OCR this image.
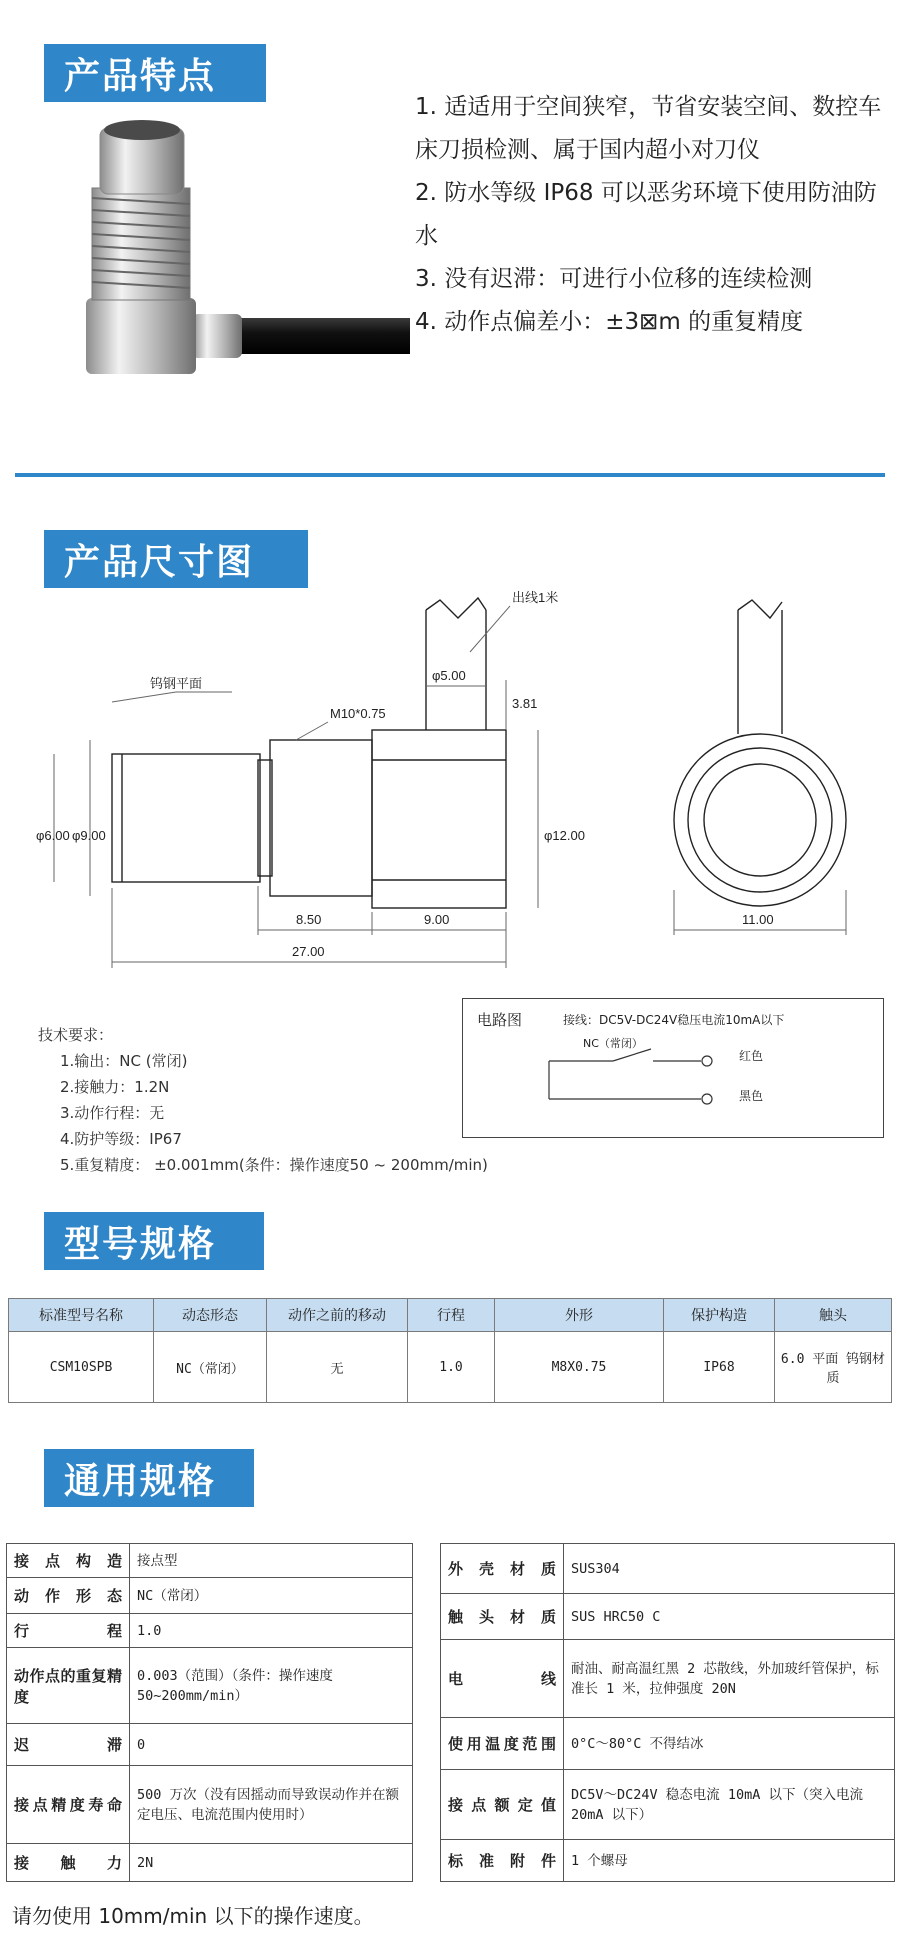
产品特点

1. 适适用于空间狭窄，节省安装空间、数控车床刀损检测、属于国内超小对刀仪

2. 防水等级 IP68 可以恶劣环境下使用防油防水

3. 没有迟滞：可进行小位移的连续检测

4. 动作点偏差小：±3⊠m 的重复精度

产品尺寸图
出线1米
φ5.00
3.81
钨钢平面
M10*0.75
φ6.00 φ9.00	φ12.00
8.50	9.00
27.00
11.00
技术要求：
1.输出：NC (常闭)
2.接触力：1.2N
3.动作行程：无
4.防护等级：IP67
5.重复精度： ±0.001mm(条件：操作速度50 ~ 200mm/min)
电路图	接线：DC5V-DC24V稳压电流10mA以下
NC（常闭）
红色
黑色
型号规格
标准型号名称	动态形态	动作之前的移动	行程	外形	保护构造	触头
CSM10SPB	NC（常闭）	无	1.0	M8X0.75	IP68	6.0 平面 钨钢材质
通用规格
接点构造	接点型
动作形态	NC（常闭）
行程	1.0
动作点的重复精度	0.003（范围）（条件：操作速度 50~200mm/min）
迟滞	0
接点精度寿命	500 万次（没有因摇动而导致误动作并在额定电压、电流范围内使用时）
接触力	2N
外壳材质	SUS304
触头材质	SUS HRC50 C
电线	耐油、耐高温红黑 2 芯散线，外加玻纤管保护，标准长 1 米，拉伸强度 20N
使用温度范围	0°C～80°C 不得结冰
接点额定值	DC5V～DC24V 稳态电流 10mA 以下（突入电流 20mA 以下）
标准附件	1 个螺母
请勿使用 10mm/min 以下的操作速度。
